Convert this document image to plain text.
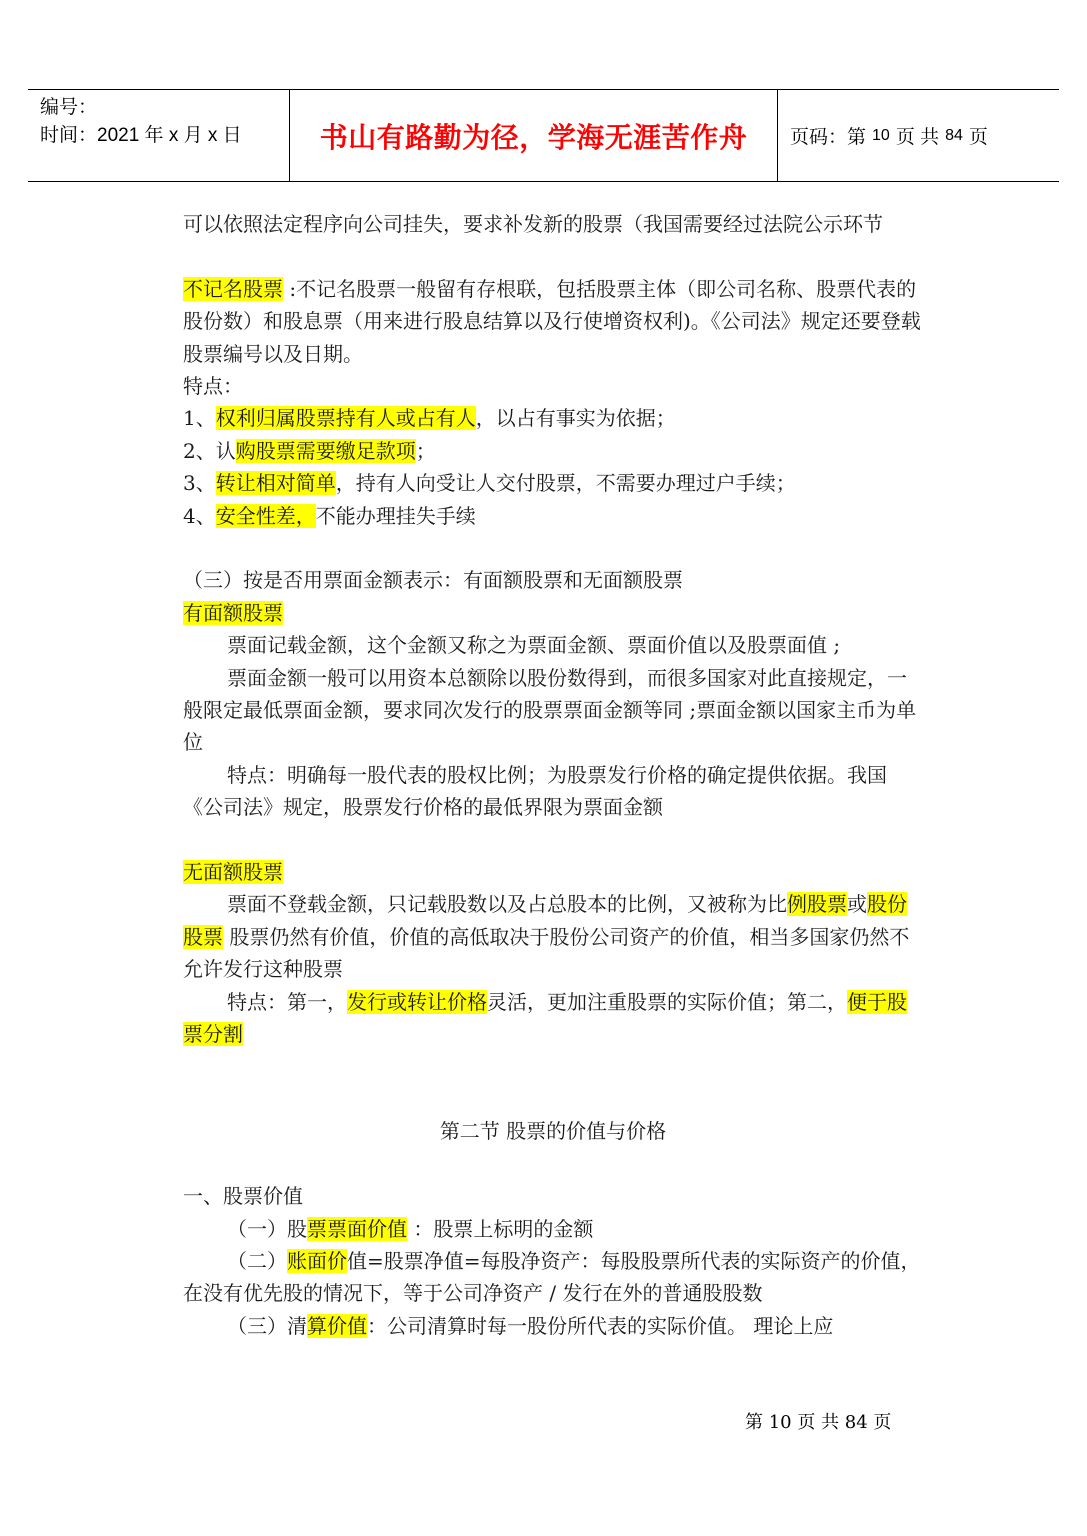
编号：
时间：2021 年 x 月 x 日	书山有路勤为径，学海无涯苦作舟	页码：第 10 页 共 84 页

可以依照法定程序向公司挂失，要求补发新的股票（我国需要经过法院公示环节

不记名股票 :不记名股票一般留有存根联，包括股票主体（即公司名称、股票代表的股份数）和股息票（用来进行股息结算以及行使增资权利)。《公司法》规定还要登载股票编号以及日期。

特点：

1、权利归属股票持有人或占有人，以占有事实为依据；

2、认购股票需要缴足款项；

3、转让相对简单，持有人向受让人交付股票，不需要办理过户手续；

4、安全性差，不能办理挂失手续

（三）按是否用票面金额表示：有面额股票和无面额股票

有面额股票

票面记载金额，这个金额又称之为票面金额、票面价值以及股票面值 ;

票面金额一般可以用资本总额除以股份数得到，而很多国家对此直接规定，一般限定最低票面金额，要求同次发行的股票票面金额等同 ;票面金额以国家主币为单位

特点：明确每一股代表的股权比例；为股票发行价格的确定提供依据。我国《公司法》规定，股票发行价格的最低界限为票面金额

无面额股票

票面不登载金额，只记载股数以及占总股本的比例，又被称为比例股票或股份股票 股票仍然有价值，价值的高低取决于股份公司资产的价值，相当多国家仍然不允许发行这种股票

特点：第一，发行或转让价格灵活，更加注重股票的实际价值；第二，便于股票分割

第二节 股票的价值与价格

一、股票价值

（一）股票票面价值 ：股票上标明的金额

（二）账面价值=股票净值=每股净资产：每股股票所代表的实际资产的价值，在没有优先股的情况下，等于公司净资产 / 发行在外的普通股股数

（三）清算价值：公司清算时每一股份所代表的实际价值。 理论上应

第 10 页 共 84 页
